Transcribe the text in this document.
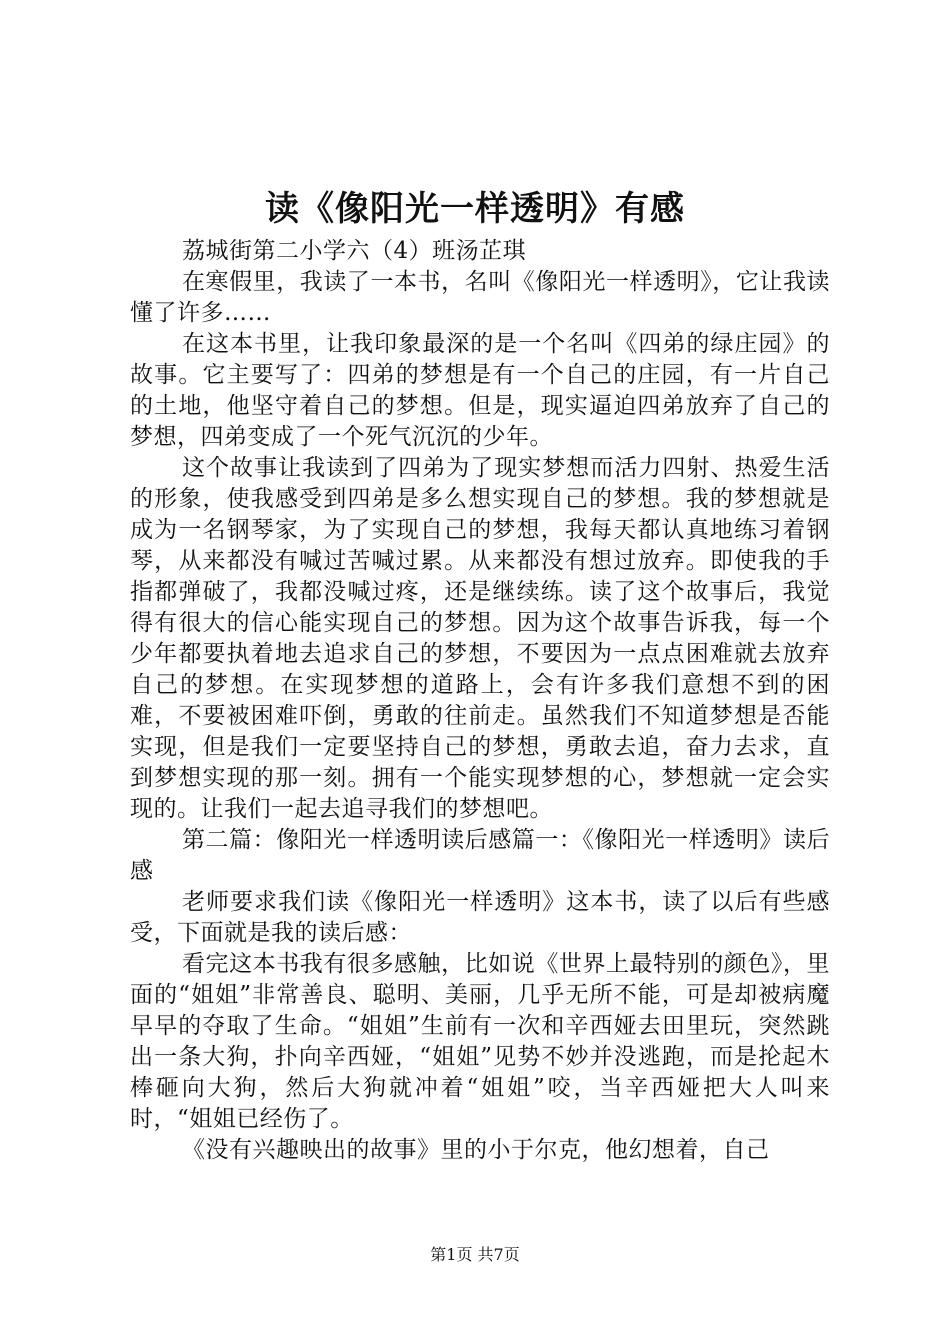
读《像阳光一样透明》有感

荔城街第二小学六（4）班汤芷琪

在寒假里，我读了一本书，名叫《像阳光一样透明》，它让我读懂了许多……

在这本书里，让我印象最深的是一个名叫《四弟的绿庄园》的故事。它主要写了：四弟的梦想是有一个自己的庄园，有一片自己的土地，他坚守着自己的梦想。但是，现实逼迫四弟放弃了自己的梦想，四弟变成了一个死气沉沉的少年。

这个故事让我读到了四弟为了现实梦想而活力四射、热爱生活的形象，使我感受到四弟是多么想实现自己的梦想。我的梦想就是成为一名钢琴家，为了实现自己的梦想，我每天都认真地练习着钢琴，从来都没有喊过苦喊过累。从来都没有想过放弃。即使我的手指都弹破了，我都没喊过疼，还是继续练。读了这个故事后，我觉得有很大的信心能实现自己的梦想。因为这个故事告诉我，每一个少年都要执着地去追求自己的梦想，不要因为一点点困难就去放弃自己的梦想。在实现梦想的道路上，会有许多我们意想不到的困难，不要被困难吓倒，勇敢的往前走。虽然我们不知道梦想是否能实现，但是我们一定要坚持自己的梦想，勇敢去追，奋力去求，直到梦想实现的那一刻。拥有一个能实现梦想的心，梦想就一定会实现的。让我们一起去追寻我们的梦想吧。

第二篇：像阳光一样透明读后感篇一：《像阳光一样透明》读后感

老师要求我们读《像阳光一样透明》这本书，读了以后有些感受，下面就是我的读后感：

看完这本书我有很多感触，比如说《世界上最特别的颜色》，里面的“姐姐”非常善良、聪明、美丽，几乎无所不能，可是却被病魔早早的夺取了生命。“姐姐”生前有一次和辛西娅去田里玩，突然跳出一条大狗，扑向辛西娅，“姐姐”见势不妙并没逃跑，而是抡起木棒砸向大狗，然后大狗就冲着“姐姐”咬，当辛西娅把大人叫来时，“姐姐已经伤了。

《没有兴趣映出的故事》里的小于尔克，他幻想着，自己

第1页 共7页
